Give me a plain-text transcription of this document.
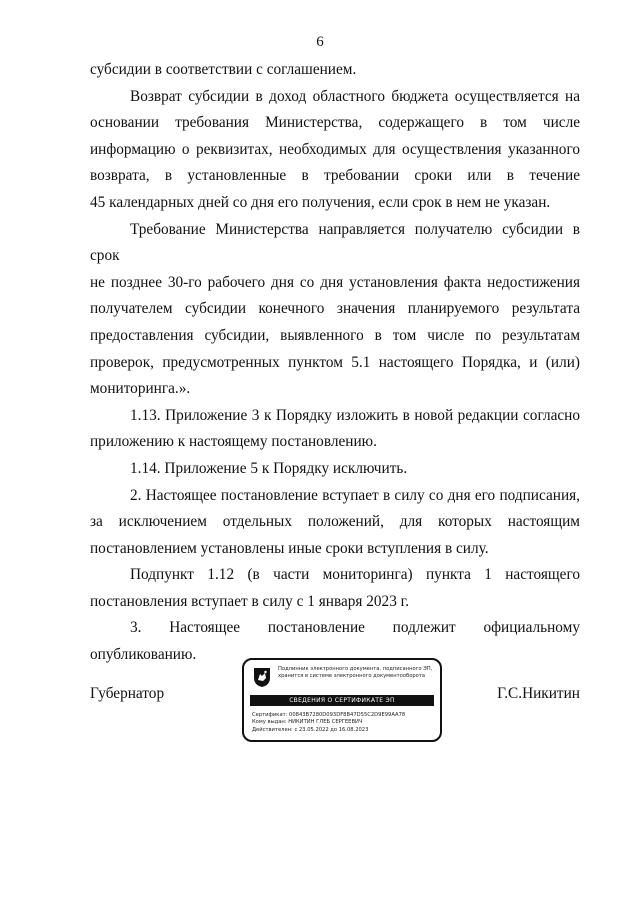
6

субсидии в соответствии с соглашением.

Возврат субсидии в доход областного бюджета осуществляется на
основании требования Министерства, содержащего в том числе
информацию о реквизитах, необходимых для осуществления указанного
возврата, в установленные в требовании сроки или в течение
45 календарных дней со дня его получения, если срок в нем не указан.

Требование Министерства направляется получателю субсидии в срок
не позднее 30-го рабочего дня со дня установления факта недостижения
получателем субсидии конечного значения планируемого результата
предоставления субсидии, выявленного в том числе по результатам
проверок, предусмотренных пунктом 5.1 настоящего Порядка, и (или)
мониторинга.».

1.13. Приложение 3 к Порядку изложить в новой редакции согласно
приложению к настоящему постановлению.

1.14. Приложение 5 к Порядку исключить.

2. Настоящее постановление вступает в силу со дня его подписания,
за исключением отдельных положений, для которых настоящим
постановлением установлены иные сроки вступления в силу.

Подпункт 1.12 (в части мониторинга) пункта 1 настоящего
постановления вступает в силу с 1 января 2023 г.

3. Настоящее постановление подлежит официальному
опубликованию.

Губернатор
Подлинник электронного документа, подписанного ЭП,
хранится в системе электронного документооборота
СВЕДЕНИЯ О СЕРТИФИКАТЕ ЭП
Сертификат: 00843B7280D093DF8B47D55C2D9E99AA78
Кому выдан: НИКИТИН ГЛЕБ СЕРГЕЕВИЧ
Действителен: с 23.05.2022 до 16.08.2023
Г.С.Никитин
